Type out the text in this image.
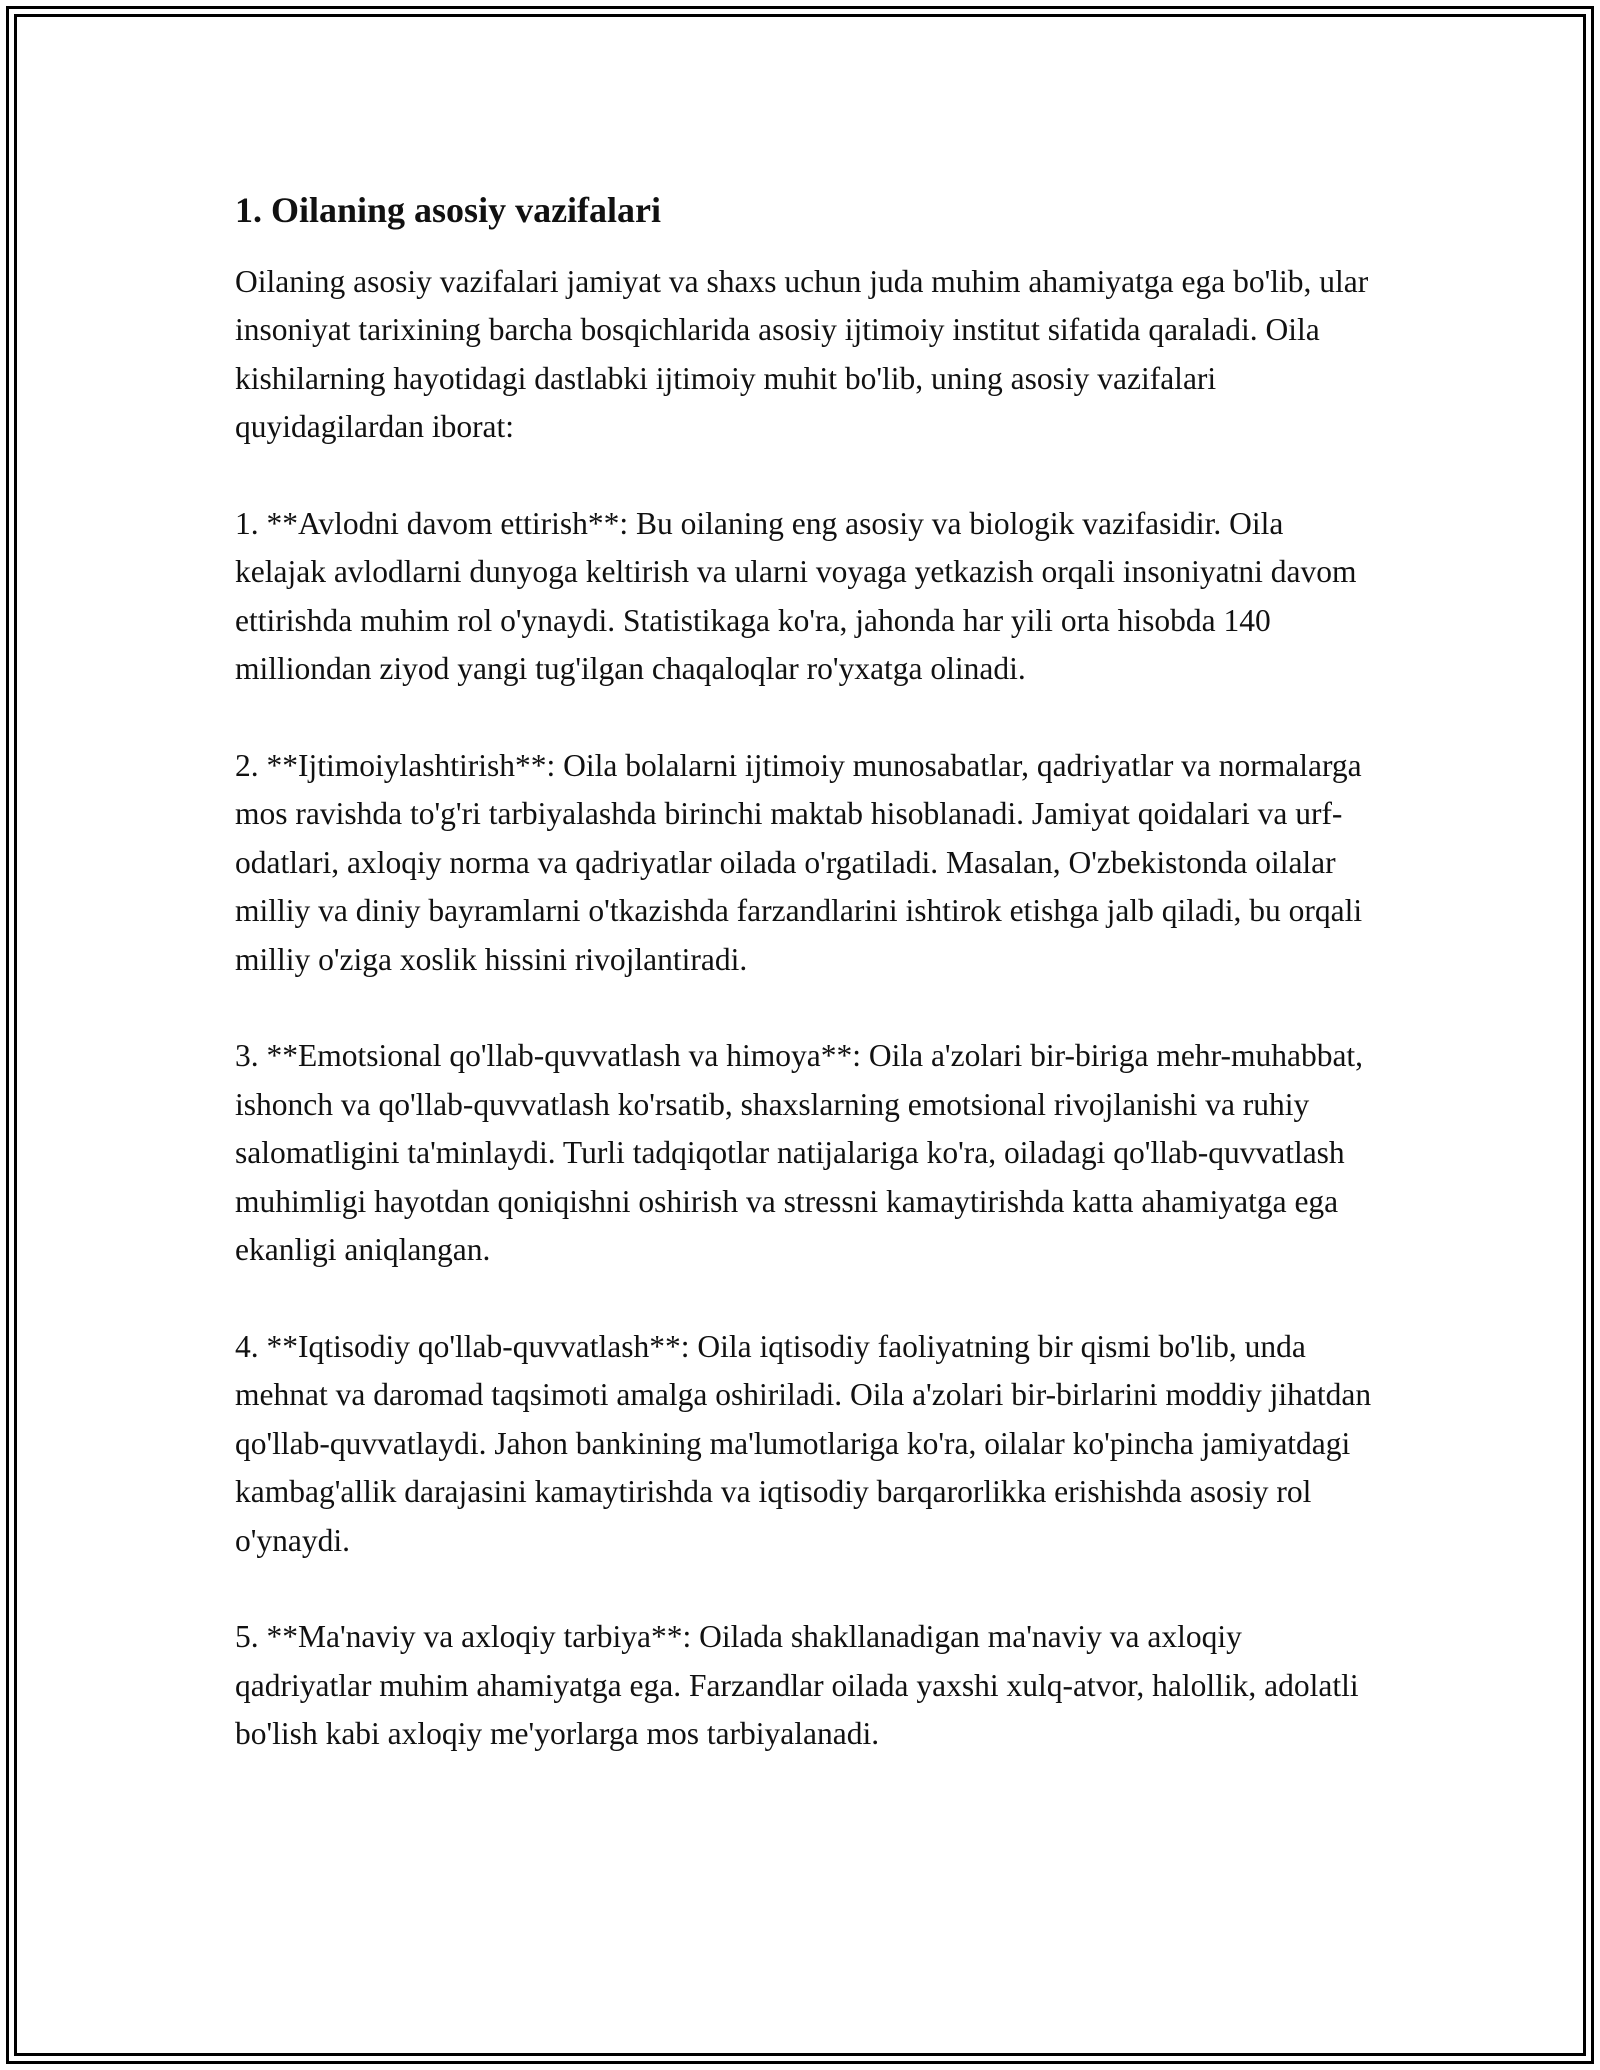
1. Oilaning asosiy vazifalari

Oilaning asosiy vazifalari jamiyat va shaxs uchun juda muhim ahamiyatga ega bo'lib, ular insoniyat tarixining barcha bosqichlarida asosiy ijtimoiy institut sifatida qaraladi. Oila kishilarning hayotidagi dastlabki ijtimoiy muhit bo'lib, uning asosiy vazifalari quyidagilardan iborat:

1. **Avlodni davom ettirish**: Bu oilaning eng asosiy va biologik vazifasidir. Oila kelajak avlodlarni dunyoga keltirish va ularni voyaga yetkazish orqali insoniyatni davom ettirishda muhim rol o'ynaydi. Statistikaga ko'ra, jahonda har yili orta hisobda 140 milliondan ziyod yangi tug'ilgan chaqaloqlar ro'yxatga olinadi.

2. **Ijtimoiylashtirish**: Oila bolalarni ijtimoiy munosabatlar, qadriyatlar va normalarga mos ravishda to'g'ri tarbiyalashda birinchi maktab hisoblanadi. Jamiyat qoidalari va urf-odatlari, axloqiy norma va qadriyatlar oilada o'rgatiladi. Masalan, O'zbekistonda oilalar milliy va diniy bayramlarni o'tkazishda farzandlarini ishtirok etishga jalb qiladi, bu orqali milliy o'ziga xoslik hissini rivojlantiradi.

3. **Emotsional qo'llab-quvvatlash va himoya**: Oila a'zolari bir-biriga mehr-muhabbat, ishonch va qo'llab-quvvatlash ko'rsatib, shaxslarning emotsional rivojlanishi va ruhiy salomatligini ta'minlaydi. Turli tadqiqotlar natijalariga ko'ra, oiladagi qo'llab-quvvatlash muhimligi hayotdan qoniqishni oshirish va stressni kamaytirishda katta ahamiyatga ega ekanligi aniqlangan.

4. **Iqtisodiy qo'llab-quvvatlash**: Oila iqtisodiy faoliyatning bir qismi bo'lib, unda mehnat va daromad taqsimoti amalga oshiriladi. Oila a'zolari bir-birlarini moddiy jihatdan qo'llab-quvvatlaydi. Jahon bankining ma'lumotlariga ko'ra, oilalar ko'pincha jamiyatdagi kambag'allik darajasini kamaytirishda va iqtisodiy barqarorlikka erishishda asosiy rol o'ynaydi.

5. **Ma'naviy va axloqiy tarbiya**: Oilada shakllanadigan ma'naviy va axloqiy qadriyatlar muhim ahamiyatga ega. Farzandlar oilada yaxshi xulq-atvor, halollik, adolatli bo'lish kabi axloqiy me'yorlarga mos tarbiyalanadi.
